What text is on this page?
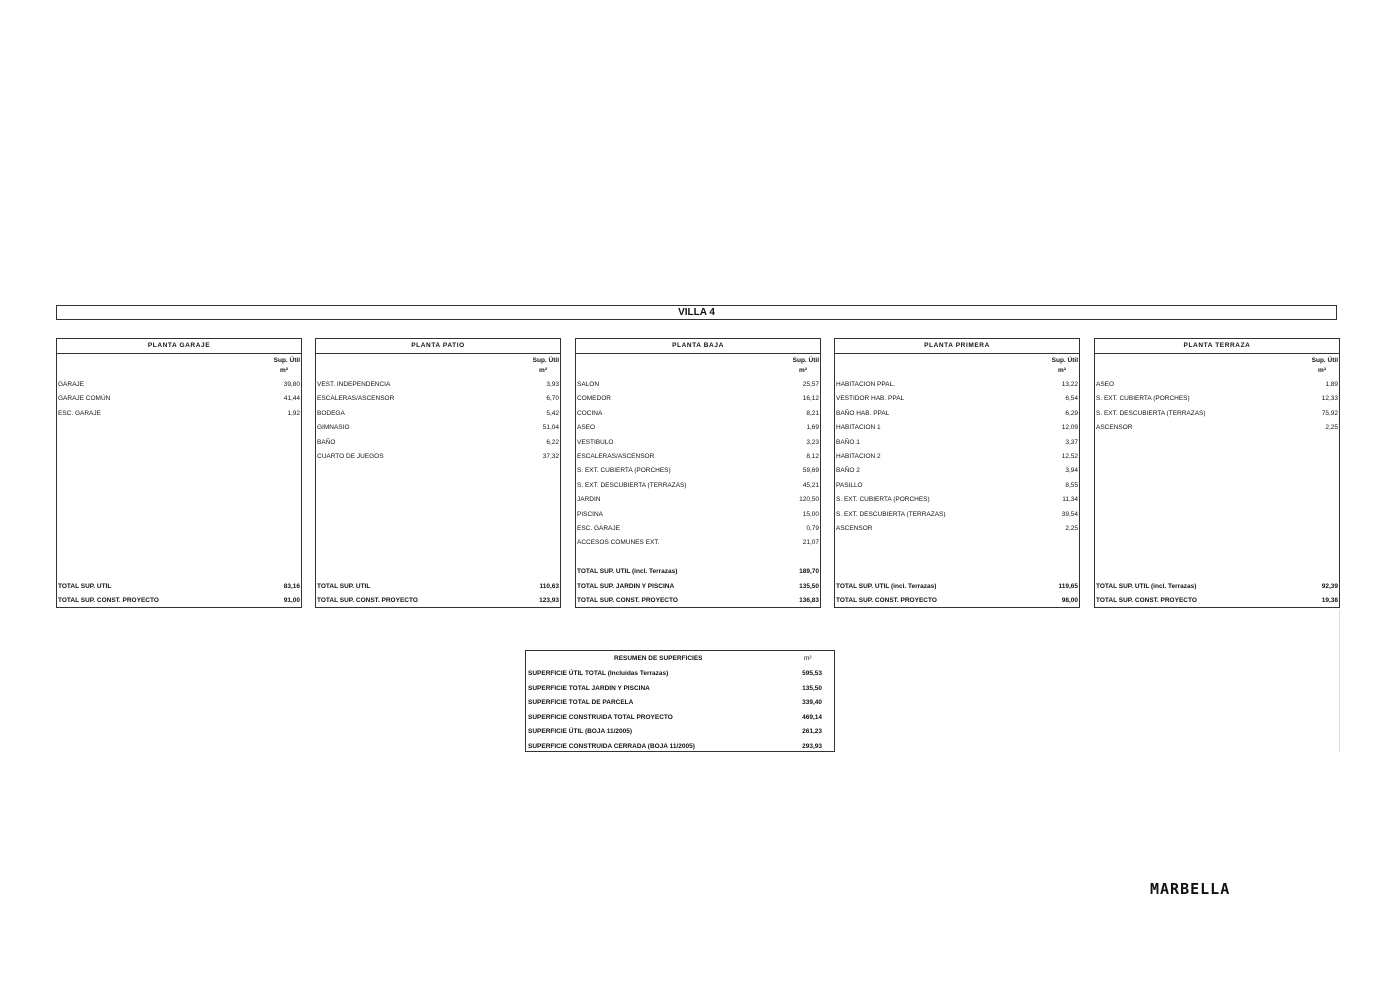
VILLA 4
PLANTA GARAJE
Sup. Útil
m²
GARAJE	39,80
GARAJE COMÚN	41,44
ESC. GARAJE	1,92
TOTAL SUP. UTIL	83,16
TOTAL SUP. CONST. PROYECTO	91,00
PLANTA PATIO
Sup. Útil
m²
VEST. INDEPENDENCIA	3,93
ESCALERAS/ASCENSOR	6,70
BODEGA	5,42
GIMNASIO	51,04
BAÑO	6,22
CUARTO DE JUEGOS	37,32
TOTAL SUP. UTIL	110,63
TOTAL SUP. CONST. PROYECTO	123,93
PLANTA BAJA
Sup. Útil
m²
SALON	25,57
COMEDOR	16,12
COCINA	8,21
ASEO	1,69
VESTIBULO	3,23
ESCALERAS/ASCENSOR	8,12
S. EXT. CUBIERTA (PORCHES)	59,69
S. EXT. DESCUBIERTA (TERRAZAS)	45,21
JARDIN	120,50
PISCINA	15,00
ESC. GARAJE	0,79
ACCESOS COMUNES EXT.	21,07
TOTAL SUP. UTIL (incl. Terrazas)	189,70
TOTAL SUP. JARDIN Y PISCINA	135,50
TOTAL SUP. CONST. PROYECTO	136,83
PLANTA PRIMERA
Sup. Útil
m²
HABITACION PPAL.	13,22
VESTIDOR HAB. PPAL	6,54
BAÑO HAB. PPAL	6,29
HABITACION 1	12,09
BAÑO 1	3,37
HABITACION 2	12,52
BAÑO 2	3,94
PASILLO	8,55
S. EXT. CUBIERTA (PORCHES)	11,34
S. EXT. DESCUBIERTA (TERRAZAS)	39,54
ASCENSOR	2,25
TOTAL SUP. UTIL (incl. Terrazas)	119,65
TOTAL SUP. CONST. PROYECTO	98,00
PLANTA TERRAZA
Sup. Útil
m²
ASEO	1,89
S. EXT. CUBIERTA (PORCHES)	12,33
S. EXT. DESCUBIERTA (TERRAZAS)	75,92
ASCENSOR	2,25
TOTAL SUP. UTIL (incl. Terrazas)	92,39
TOTAL SUP. CONST. PROYECTO	19,38
RESUMEN DE SUPERFICIES	m²
SUPERFICIE ÚTIL TOTAL (Incluidas Terrazas)	595,53
SUPERFICIE TOTAL JARDIN Y PISCINA	135,50
SUPERFICIE TOTAL DE PARCELA	339,40
SUPERFICIE CONSTRUIDA TOTAL PROYECTO	469,14
SUPERFICIE ÚTIL (BOJA 11/2005)	261,23
SUPERFICIE CONSTRUIDA CERRADA (BOJA 11/2005)	293,93
MARBELLA
